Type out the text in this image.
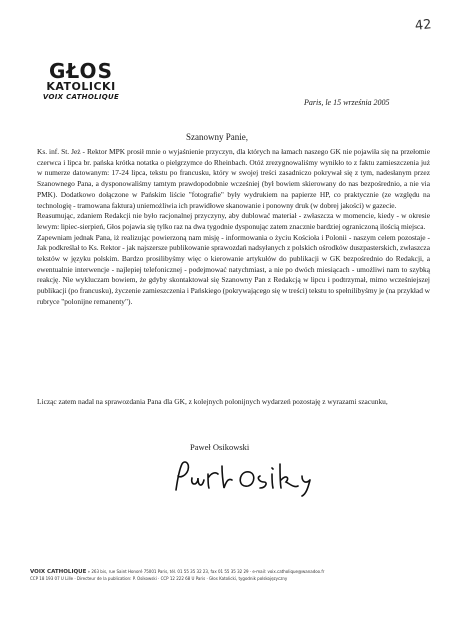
42

GŁOS

KATOLICKI

VOIX CATHOLIQUE

Paris, le 15 września 2005
Szanowny Panie,

Ks. inf. St. Jeż - Rektor MPK prosił mnie o wyjaśnienie przyczyn, dla których na łamach naszego GK nie pojawiła się na przełomie czerwca i lipca br. pańska krótka notatka o pielgrzymce do Rheinbach. Otóż zrezygnowaliśmy wynikło to z faktu zamieszczenia już w numerze datowanym: 17-24 lipca, tekstu po francusku, który w swojej treści zasadniczo pokrywał się z tym, nadesłanym przez Szanownego Pana, a dysponowaliśmy tamtym prawdopodobnie wcześniej (był bowiem skierowany do nas bezpośrednio, a nie via PMK). Dodatkowo dołączone w Pańskim liście "fotografie" były wydrukiem na papierze HP, co praktycznie (ze względu na technologię - tramowana faktura) uniemożliwia ich prawidłowe skanowanie i ponowny druk (w dobrej jakości) w gazecie.

Reasumując, zdaniem Redakcji nie było racjonalnej przyczyny, aby dublować materiał - zwłaszcza w momencie, kiedy - w okresie lewym: lipiec-sierpień, Głos pojawia się tylko raz na dwa tygodnie dysponując zatem znacznie bardziej ograniczoną ilością miejsca.

Zapewniam jednak Pana, iż realizując powierzoną nam misję - informowania o życiu Kościoła i Polonii - naszym celem pozostaje - Jak podkreślał to Ks. Rektor - jak najszersze publikowanie sprawozdań nadsyłanych z polskich ośrodków duszpasterskich, zwłaszcza tekstów w języku polskim. Bardzo prosilibyśmy więc o kierowanie artykułów do publikacji w GK bezpośrednio do Redakcji, a ewentualnie interwencje - najlepiej telefonicznej - podejmować natychmiast, a nie po dwóch miesiącach - umożliwi nam to szybką reakcję. Nie wykluczam bowiem, że gdyby skontaktował się Szanowny Pan z Redakcją w lipcu i podtrzymał, mimo wcześniejszej publikacji (po francusku), życzenie zamieszczenia i Pańskiego (pokrywającego się w treści) tekstu to spełnilibyśmy je (na przykład w rubryce "polonijne remanenty").

Licząc zatem nadal na sprawozdania Pana dla GK, z kolejnych polonijnych wydarzeń pozostaję z wyrazami szacunku,

Paweł Osikowski

VOIX CATHOLIQUE » 263 bis, rue Saint Honoré 75001 Paris, tél. 01 55 35 32 23, fax 01 55 35 32 29 · e-mail: voix.catholique@wanadoo.fr
CCP 18 193 07 U Lille · Directeur de la publication: P. Osikowski · CCP 12 222 68 U Paris · Głos Katolicki, tygodnik polskojęzyczny
